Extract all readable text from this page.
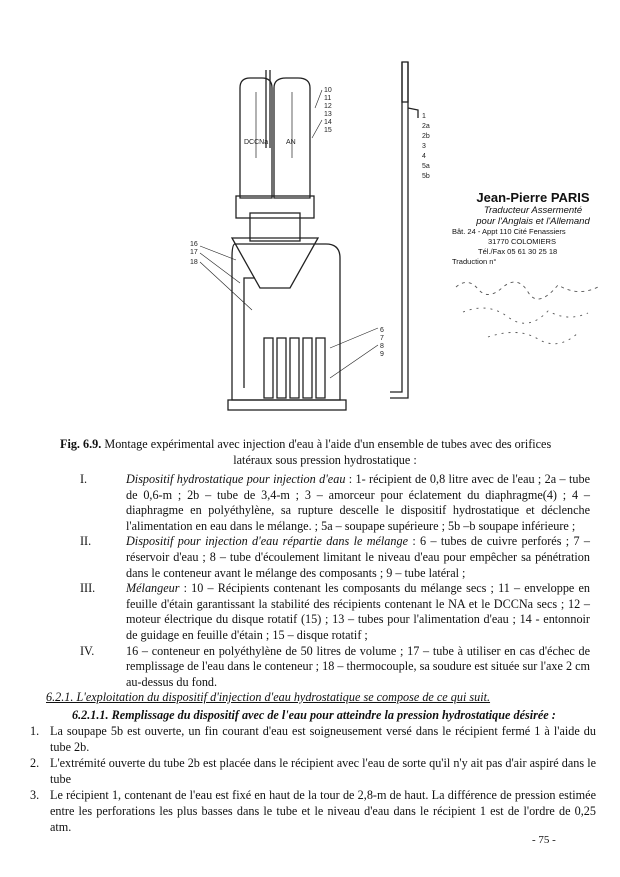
DCCNa	AN
10
11
12
13
14
15
16
17
18
1
2a
2b
3
4
5a
5b
6
7
8
9
Jean-Pierre PARIS
Traducteur Assermenté
pour l'Anglais et l'Allemand
Bât. 24 - Appt 110 Cité Fenassiers
31770 COLOMIERS
Tél./Fax 05 61 30 25 18
Traduction n°
Fig. 6.9. Montage expérimental avec injection d'eau à l'aide d'un ensemble de tubes avec des orifices
latéraux sous pression hydrostatique :
I.	Dispositif hydrostatique pour injection d'eau : 1- récipient de 0,8 litre avec de l'eau ; 2a – tube de 0,6-m ; 2b – tube de 3,4-m ; 3 – amorceur pour éclatement du diaphragme(4) ; 4 – diaphragme en polyéthylène, sa rupture descelle le dispositif hydrostatique et déclenche l'alimentation en eau dans le mélange. ; 5a – soupape supérieure ; 5b –b soupape inférieure ;
II.	Dispositif pour injection d'eau répartie dans le mélange : 6 – tubes de cuivre perforés ; 7 – réservoir d'eau ; 8 – tube d'écoulement limitant le niveau d'eau pour empêcher sa pénétration dans le conteneur avant le mélange des composants ; 9 – tube latéral ;
III.	Mélangeur : 10 – Récipients contenant les composants du mélange secs ; 11 – enveloppe en feuille d'étain garantissant la stabilité des récipients contenant le NA et le DCCNa secs ; 12 – moteur électrique du disque rotatif (15) ; 13 – tubes pour l'alimentation d'eau ; 14 - entonnoir de guidage en feuille d'étain ; 15 – disque rotatif ;
IV.	16 – conteneur en polyéthylène de 50 litres de volume ; 17 – tube à utiliser en cas d'échec de remplissage de l'eau dans le conteneur ; 18 – thermocouple, sa soudure est située sur l'axe 2 cm au-dessus du fond.
6.2.1. L'exploitation du dispositif d'injection d'eau hydrostatique se compose de ce qui suit.
6.2.1.1. Remplissage du dispositif avec de l'eau pour atteindre la pression hydrostatique désirée :
1. La soupape 5b est ouverte, un fin courant d'eau est soigneusement versé dans le récipient fermé 1 à l'aide du tube 2b.
2. L'extrémité ouverte du tube 2b est placée dans le récipient avec l'eau de sorte qu'il n'y ait pas d'air aspiré dans le tube
3. Le récipient 1, contenant de l'eau est fixé en haut de la tour de 2,8-m de haut. La différence de pression estimée entre les perforations les plus basses dans le tube et le niveau d'eau dans le récipient 1 est de l'ordre de 0,25 atm.
- 75 -
